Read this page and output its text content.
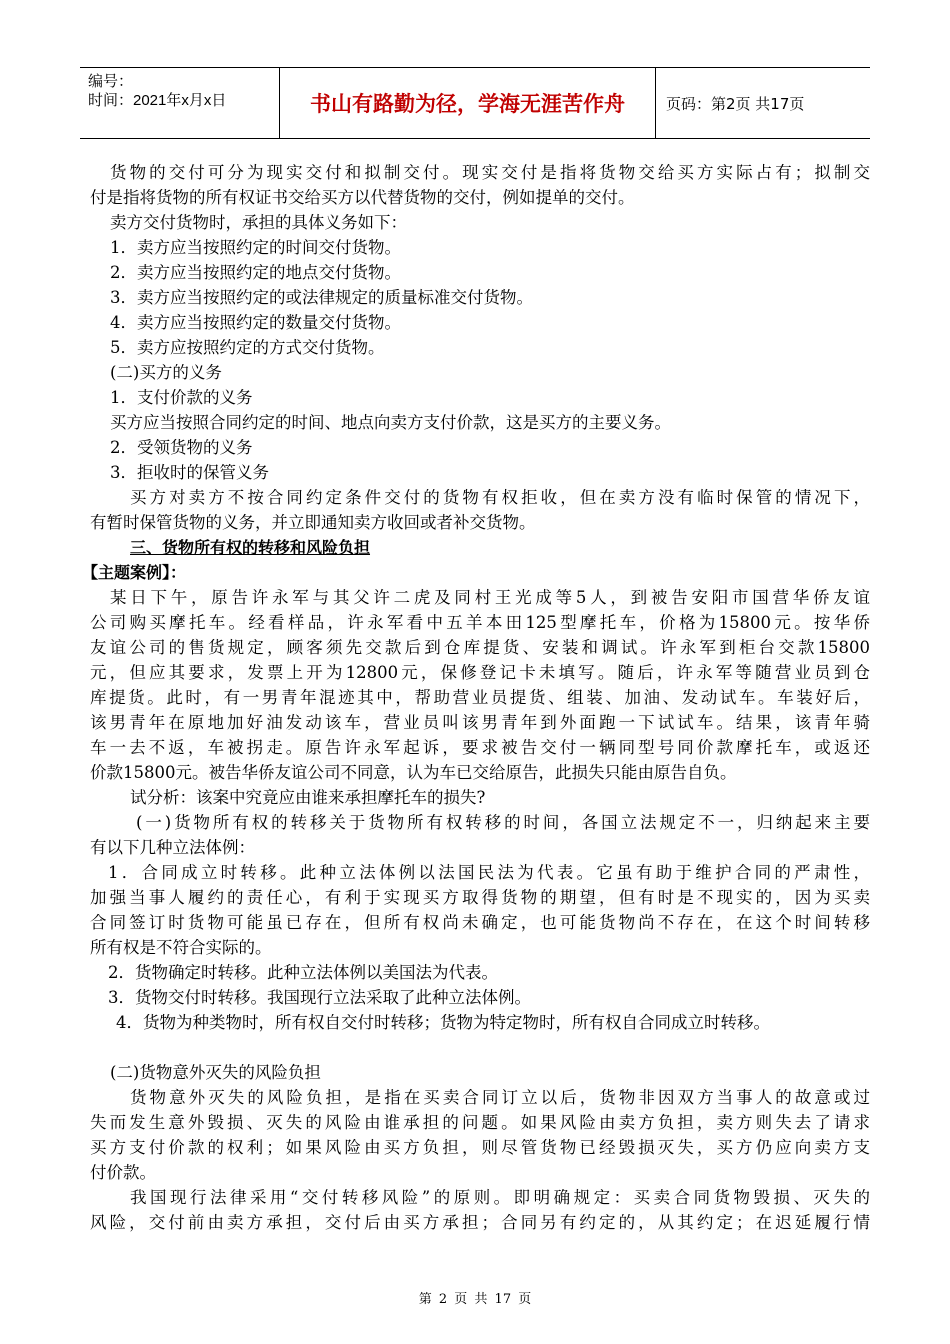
编号：
时间：2021年x月x日	书山有路勤为径，学海无涯苦作舟	页码：第2页 共17页
货物的交付可分为现实交付和拟制交付。现实交付是指将货物交给买方实际占有；拟制交
付是指将货物的所有权证书交给买方以代替货物的交付，例如提单的交付。
卖方交付货物时，承担的具体义务如下：
1．卖方应当按照约定的时间交付货物。
2．卖方应当按照约定的地点交付货物。
3．卖方应当按照约定的或法律规定的质量标准交付货物。
4．卖方应当按照约定的数量交付货物。
5．卖方应按照约定的方式交付货物。
(二)买方的义务
1．支付价款的义务
买方应当按照合同约定的时间、地点向卖方支付价款，这是买方的主要义务。
2．受领货物的义务
3．拒收时的保管义务
买方对卖方不按合同约定条件交付的货物有权拒收，但在卖方没有临时保管的情况下，
有暂时保管货物的义务，并立即通知卖方收回或者补交货物。
三、货物所有权的转移和风险负担
【主题案例】：
某日下午，原告许永军与其父许二虎及同村王光成等5人，到被告安阳市国营华侨友谊
公司购买摩托车。经看样品，许永军看中五羊本田125型摩托车，价格为15800元。按华侨
友谊公司的售货规定，顾客须先交款后到仓库提货、安装和调试。许永军到柜台交款15800
元，但应其要求，发票上开为12800元，保修登记卡未填写。随后，许永军等随营业员到仓
库提货。此时，有一男青年混迹其中，帮助营业员提货、组装、加油、发动试车。车装好后，
该男青年在原地加好油发动该车，营业员叫该男青年到外面跑一下试试车。结果，该青年骑
车一去不返，车被拐走。原告许永军起诉，要求被告交付一辆同型号同价款摩托车，或返还
价款15800元。被告华侨友谊公司不同意，认为车已交给原告，此损失只能由原告自负。
试分析：该案中究竟应由谁来承担摩托车的损失?
(一)货物所有权的转移关于货物所有权转移的时间，各国立法规定不一，归纳起来主要
有以下几种立法体例：
1．合同成立时转移。此种立法体例以法国民法为代表。它虽有助于维护合同的严肃性，
加强当事人履约的责任心，有利于实现买方取得货物的期望，但有时是不现实的，因为买卖
合同签订时货物可能虽已存在，但所有权尚未确定，也可能货物尚不存在，在这个时间转移
所有权是不符合实际的。
2．货物确定时转移。此种立法体例以美国法为代表。
3．货物交付时转移。我国现行立法采取了此种立法体例。
4．货物为种类物时，所有权自交付时转移；货物为特定物时，所有权自合同成立时转移。
(二)货物意外灭失的风险负担
货物意外灭失的风险负担，是指在买卖合同订立以后，货物非因双方当事人的故意或过
失而发生意外毁损、灭失的风险由谁承担的问题。如果风险由卖方负担，卖方则失去了请求
买方支付价款的权利；如果风险由买方负担，则尽管货物已经毁损灭失，买方仍应向卖方支
付价款。
我国现行法律采用“交付转移风险”的原则。即明确规定：买卖合同货物毁损、灭失的
风险，交付前由卖方承担，交付后由买方承担；合同另有约定的，从其约定；在迟延履行情
第 2 页 共 17 页
